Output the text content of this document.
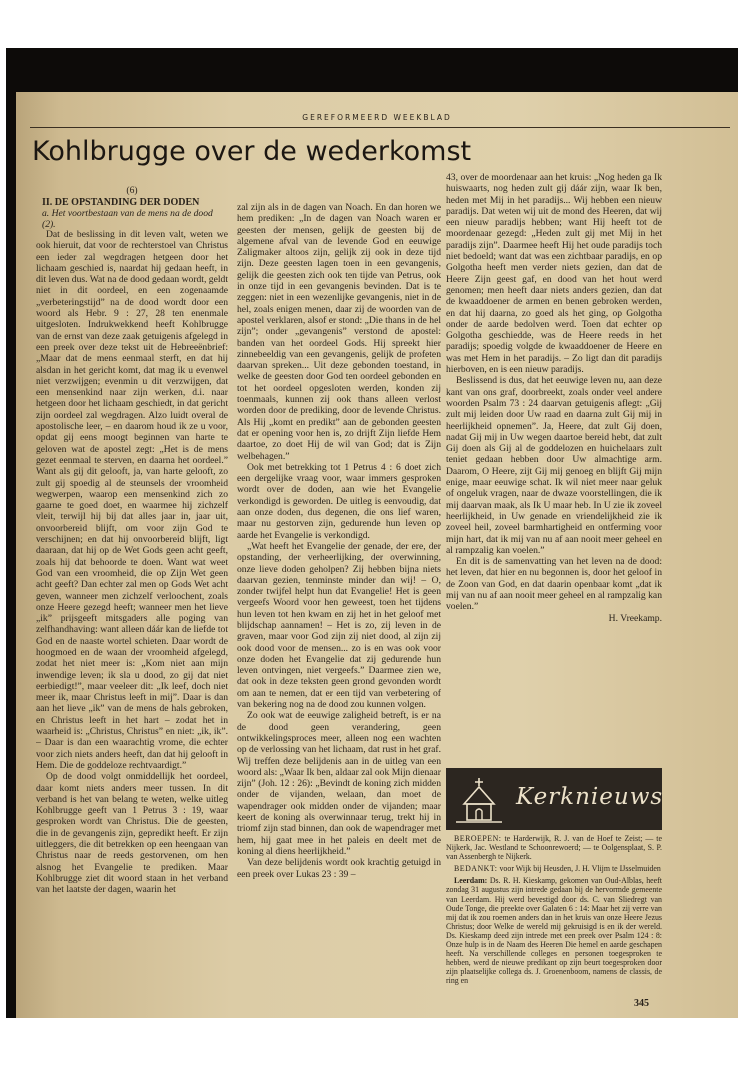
GEREFORMEERD WEEKBLAD
Kohlbrugge over de wederkomst
(6)
II. DE OPSTANDING DER DODEN
a. Het voortbestaan van de mens na de dood (2).

Dat de beslissing in dit leven valt, weten we ook hieruit, dat voor de rechterstoel van Christus een ieder zal wegdragen hetgeen door het lichaam geschied is, naardat hij gedaan heeft, in dit leven dus. Wat na de dood gedaan wordt, geldt niet in dit oordeel, en een zogenaamde „verbeteringstijd” na de dood wordt door een woord als Hebr. 9 : 27, 28 ten enenmale uitgesloten. Indrukwekkend heeft Kohlbrugge van de ernst van deze zaak getuigenis afgelegd in een preek over deze tekst uit de Hebreeënbrief: „Maar dat de mens eenmaal sterft, en dat hij alsdan in het gericht komt, dat mag ik u evenwel niet verzwijgen; evenmin u dit verzwijgen, dat een mensenkind naar zijn werken, d.i. naar hetgeen door het lichaam geschiedt, in dat gericht zijn oordeel zal wegdragen. Alzo luidt overal de apostolische leer, – en daarom houd ik ze u voor, opdat gij eens moogt beginnen van harte te geloven wat de apostel zegt: „Het is de mens gezet eenmaal te sterven, en daarna het oordeel.” Want als gij dit gelooft, ja, van harte gelooft, zo zult gij spoedig al de steunsels der vroomheid wegwerpen, waarop een mensenkind zich zo gaarne te goed doet, en waarmee hij zichzelf vleit, terwijl hij bij dat alles jaar in, jaar uit, onvoorbereid blijft, om voor zijn God te verschijnen; en dat hij onvoorbereid blijft, ligt daaraan, dat hij op de Wet Gods geen acht geeft, zoals hij dat behoorde te doen. Want wat weet God van een vroomheid, die op Zijn Wet geen acht geeft? Dan echter zal men op Gods Wet acht geven, wanneer men zichzelf verloochent, zoals onze Heere gezegd heeft; wanneer men het lieve „ik” prijsgeeft mitsgaders alle poging van zelfhandhaving: want alleen dáár kan de liefde tot God en de naaste wortel schieten. Daar wordt de hoogmoed en de waan der vroomheid afgelegd, zodat het niet meer is: „Kom niet aan mijn inwendige leven; ik sla u dood, zo gij dat niet eerbiedigt!”, maar veeleer dit: „Ik leef, doch niet meer ik, maar Christus leeft in mij”. Daar is dan aan het lieve „ik” van de mens de hals gebroken, en Christus leeft in het hart – zodat het in waarheid is: „Christus, Christus” en niet: „ik, ik”. – Daar is dan een waarachtig vrome, die echter voor zich niets anders heeft, dan dat hij gelooft in Hem. Die de goddeloze rechtvaardigt.”

Op de dood volgt onmiddellijk het oordeel, daar komt niets anders meer tussen. In dit verband is het van belang te weten, welke uitleg Kohlbrugge geeft van 1 Petrus 3 : 19, waar gesproken wordt van Christus. Die de geesten, die in de gevangenis zijn, gepredikt heeft. Er zijn uitleggers, die dit betrekken op een heengaan van Christus naar de reeds gestorvenen, om hen alsnog het Evangelie te prediken. Maar Kohlbrugge ziet dit woord staan in het verband van het laatste der dagen, waarin het

zal zijn als in de dagen van Noach. En dan horen we hem prediken: „In de dagen van Noach waren er geesten der mensen, gelijk de geesten bij de algemene afval van de levende God en eeuwige Zaligmaker altoos zijn, gelijk zij ook in deze tijd zijn. Deze geesten lagen toen in een gevangenis, gelijk die geesten zich ook ten tijde van Petrus, ook in onze tijd in een gevangenis bevinden. Dat is te zeggen: niet in een wezenlijke gevangenis, niet in de hel, zoals enigen menen, daar zij de woorden van de apostel verklaren, alsof er stond: „Die thans in de hel zijn”; onder „gevangenis” verstond de apostel: banden van het oordeel Gods. Hij spreekt hier zinnebeeldig van een gevangenis, gelijk de profeten daarvan spreken... Uit deze gebonden toestand, in welke de geesten door God ten oordeel gebonden en tot het oordeel opgesloten werden, konden zij toenmaals, kunnen zij ook thans alleen verlost worden door de prediking, door de levende Christus. Als Hij „komt en predikt” aan de gebonden geesten dat er opening voor hen is, zo drijft Zijn liefde Hem daartoe, zo doet Hij de wil van God; dat is Zijn welbehagen.”

Ook met betrekking tot 1 Petrus 4 : 6 doet zich een dergelijke vraag voor, waar immers gesproken wordt over de doden, aan wie het Evangelie verkondigd is geworden. De uitleg is eenvoudig, dat aan onze doden, dus degenen, die ons lief waren, maar nu gestorven zijn, gedurende hun leven op aarde het Evangelie is verkondigd.

„Wat heeft het Evangelie der genade, der ere, der opstanding, der verheerlijking, der overwinning, onze lieve doden geholpen? Zij hebben bijna niets daarvan gezien, tenminste minder dan wij! – O, zonder twijfel helpt hun dat Evangelie! Het is geen vergeefs Woord voor hen geweest, toen het tijdens hun leven tot hen kwam en zij het in het geloof met blijdschap aannamen! – Het is zo, zij leven in de graven, maar voor God zijn zij niet dood, al zijn zij ook dood voor de mensen... zo is en was ook voor onze doden het Evangelie dat zij gedurende hun leven ontvingen, niet vergeefs.” Daarmee zien we, dat ook in deze teksten geen grond gevonden wordt om aan te nemen, dat er een tijd van verbetering of van bekering nog na de dood zou kunnen volgen.

Zo ook wat de eeuwige zaligheid betreft, is er na de dood geen verandering, geen ontwikkelingsproces meer, alleen nog een wachten op de verlossing van het lichaam, dat rust in het graf. Wij treffen deze belijdenis aan in de uitleg van een woord als: „Waar Ik ben, aldaar zal ook Mijn dienaar zijn” (Joh. 12 : 26): „Bevindt de koning zich midden onder de vijanden, welaan, dan moet de wapendrager ook midden onder de vijanden; maar keert de koning als overwinnaar terug, trekt hij in triomf zijn stad binnen, dan ook de wapendrager met hem, hij gaat mee in het paleis en deelt met de koning al diens heerlijkheid.”

Van deze belijdenis wordt ook krachtig getuigd in een preek over Lukas 23 : 39 –

43, over de moordenaar aan het kruis: „Nog heden ga Ik huiswaarts, nog heden zult gij dáár zijn, waar Ik ben, heden met Mij in het paradijs... Wij hebben een nieuw paradijs. Dat weten wij uit de mond des Heeren, dat wij een nieuw paradijs hebben; want Hij heeft tot de moordenaar gezegd: „Heden zult gij met Mij in het paradijs zijn”. Daarmee heeft Hij het oude paradijs toch niet bedoeld; want dat was een zichtbaar paradijs, en op Golgotha heeft men verder niets gezien, dan dat de Heere Zijn geest gaf, en dood van het hout werd genomen; men heeft daar niets anders gezien, dan dat de kwaaddoener de armen en benen gebroken werden, en dat hij daarna, zo goed als het ging, op Golgotha onder de aarde bedolven werd. Toen dat echter op Golgotha geschiedde, was de Heere reeds in het paradijs; spoedig volgde de kwaaddoener de Heere en was met Hem in het paradijs. – Zo ligt dan dit paradijs hierboven, en is een nieuw paradijs.

Beslissend is dus, dat het eeuwige leven nu, aan deze kant van ons graf, doorbreekt, zoals onder veel andere woorden Psalm 73 : 24 daarvan getuigenis aflegt: „Gij zult mij leiden door Uw raad en daarna zult Gij mij in heerlijkheid opnemen”. Ja, Heere, dat zult Gij doen, nadat Gij mij in Uw wegen daartoe bereid hebt, dat zult Gij doen als Gij al de goddelozen en huichelaars zult teniet gedaan hebben door Uw almachtige arm. Daarom, O Heere, zijt Gij mij genoeg en blijft Gij mijn enige, maar eeuwige schat. Ik wil niet meer naar geluk of ongeluk vragen, naar de dwaze voorstellingen, die ik mij daarvan maak, als Ik U maar heb. In U zie ik zoveel heerlijkheid, in Uw genade en vriendelijkheid zie ik zoveel heil, zoveel barmhartigheid en ontferming voor mijn hart, dat ik mij van nu af aan nooit meer geheel en al rampzalig kan voelen.”

En dit is de samenvatting van het leven na de dood: het leven, dat hier en nu begonnen is, door het geloof in de Zoon van God, en dat daarin openbaar komt „dat ik mij van nu af aan nooit meer geheel en al rampzalig kan voelen.”

H. Vreekamp.

Kerknieuws

BEROEPEN: te Harderwijk, R. J. van de Hoef te Zeist; — te Nijkerk, Jac. Westland te Schoonrewoerd; — te Oolgensplaat, S. P. van Assenbergh te Nijkerk.

BEDANKT: voor Wijk bij Heusden, J. H. Vlijm te IJsselmuiden

Leerdam: Ds. R. H. Kieskamp, gekomen van Oud-Alblas, heeft zondag 31 augustus zijn intrede gedaan bij de hervormde gemeente van Leerdam. Hij werd bevestigd door ds. C. van Sliedregt van Oude Tonge, die preekte over Galaten 6 : 14: Maar het zij verre van mij dat ik zou roemen anders dan in het kruis van onze Heere Jezus Christus; door Welke de wereld mij gekruisigd is en ik der wereld. Ds. Kieskamp deed zijn intrede met een preek over Psalm 124 : 8: Onze hulp is in de Naam des Heeren Die hemel en aarde geschapen heeft. Na verschillende colleges en personen toegesproken te hebben, werd de nieuwe predikant op zijn beurt toegesproken door zijn plaatselijke collega ds. J. Groenenboom, namens de classis, de ring en

345
